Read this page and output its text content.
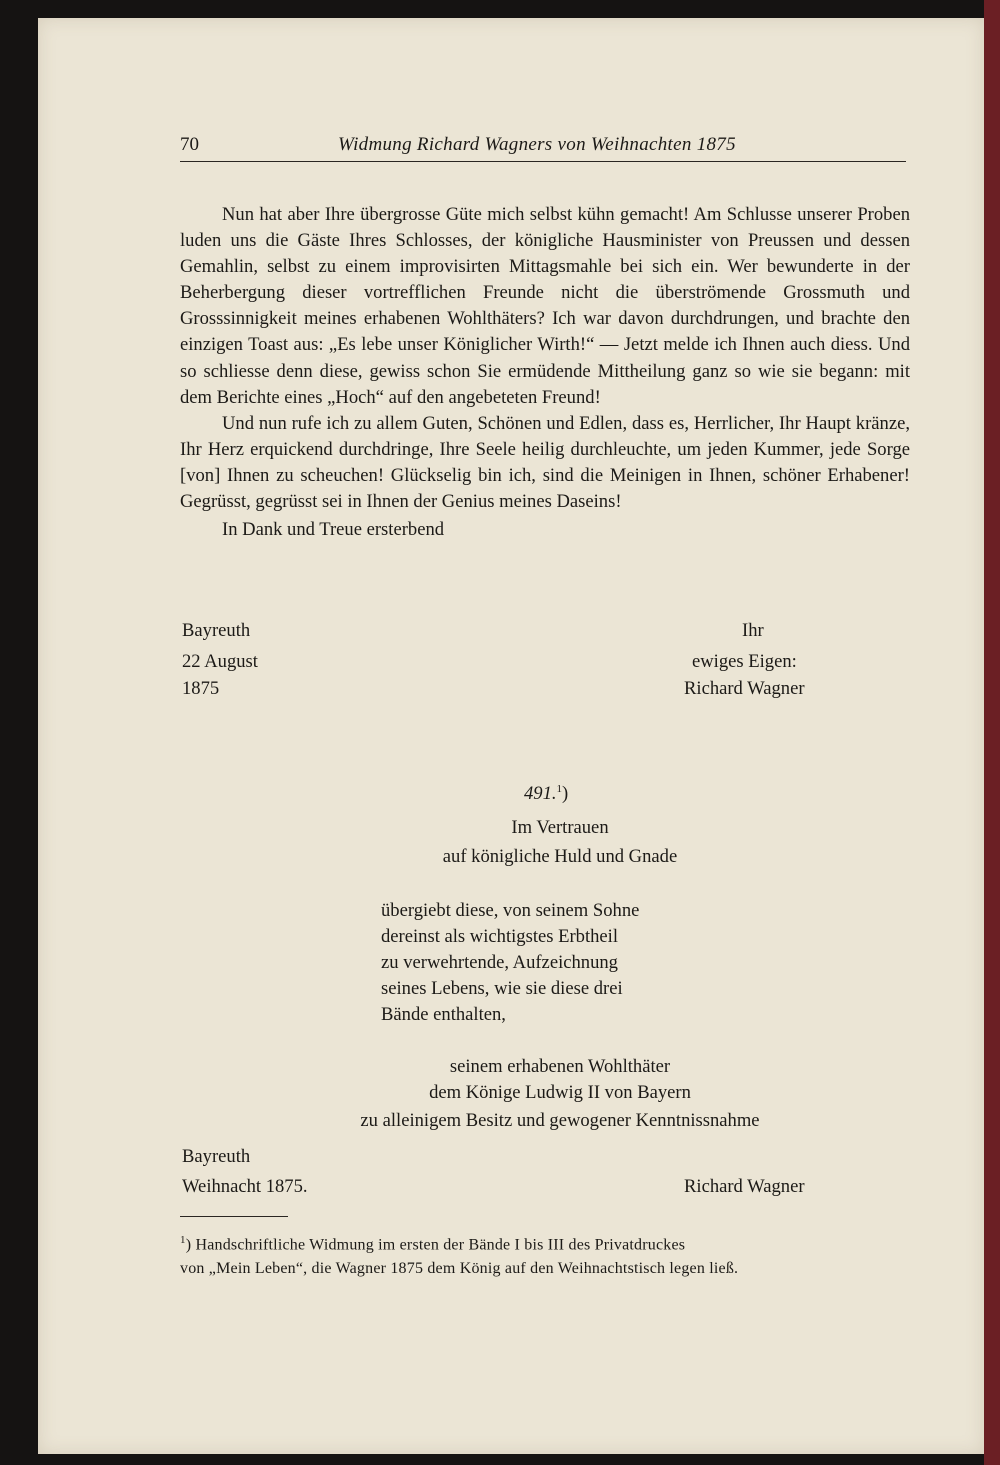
70	Widmung Richard Wagners von Weihnachten 1875

Nun hat aber Ihre übergrosse Güte mich selbst kühn gemacht! Am Schlusse unserer Proben luden uns die Gäste Ihres Schlosses, der königliche Hausminister von Preussen und dessen Gemahlin, selbst zu einem improvisirten Mittagsmahle bei sich ein. Wer bewunderte in der Beherbergung dieser vortrefflichen Freunde nicht die überströmende Grossmuth und Grosssinnigkeit meines erhabenen Wohlthäters? Ich war davon durchdrungen, und brachte den einzigen Toast aus: „Es lebe unser Königlicher Wirth!“ — Jetzt melde ich Ihnen auch diess. Und so schliesse denn diese, gewiss schon Sie ermüdende Mittheilung ganz so wie sie begann: mit dem Berichte eines „Hoch“ auf den angebeteten Freund!

Und nun rufe ich zu allem Guten, Schönen und Edlen, dass es, Herrlicher, Ihr Haupt kränze, Ihr Herz erquickend durchdringe, Ihre Seele heilig durchleuchte, um jeden Kummer, jede Sorge [von] Ihnen zu scheuchen! Glückselig bin ich, sind die Meinigen in Ihnen, schöner Erhabener! Gegrüsst, gegrüsst sei in Ihnen der Genius meines Daseins!

In Dank und Treue ersterbend

Bayreuth
22 August
1875
Ihr
ewiges Eigen:
Richard Wagner
491.$^1$)
Im Vertrauen
auf königliche Huld und Gnade
übergiebt diese, von seinem Sohne
dereinst als wichtigstes Erbtheil
zu verwehrtende, Aufzeichnung
seines Lebens, wie sie diese drei
Bände enthalten,
seinem erhabenen Wohlthäter
dem Könige Ludwig II von Bayern
zu alleinigem Besitz und gewogener Kenntnissnahme
Bayreuth
Weihnacht 1875.	Richard Wagner

$^1$) Handschriftliche Widmung im ersten der Bände I bis III des Privatdruckes

von „Mein Leben“, die Wagner 1875 dem König auf den Weihnachtstisch legen ließ.
